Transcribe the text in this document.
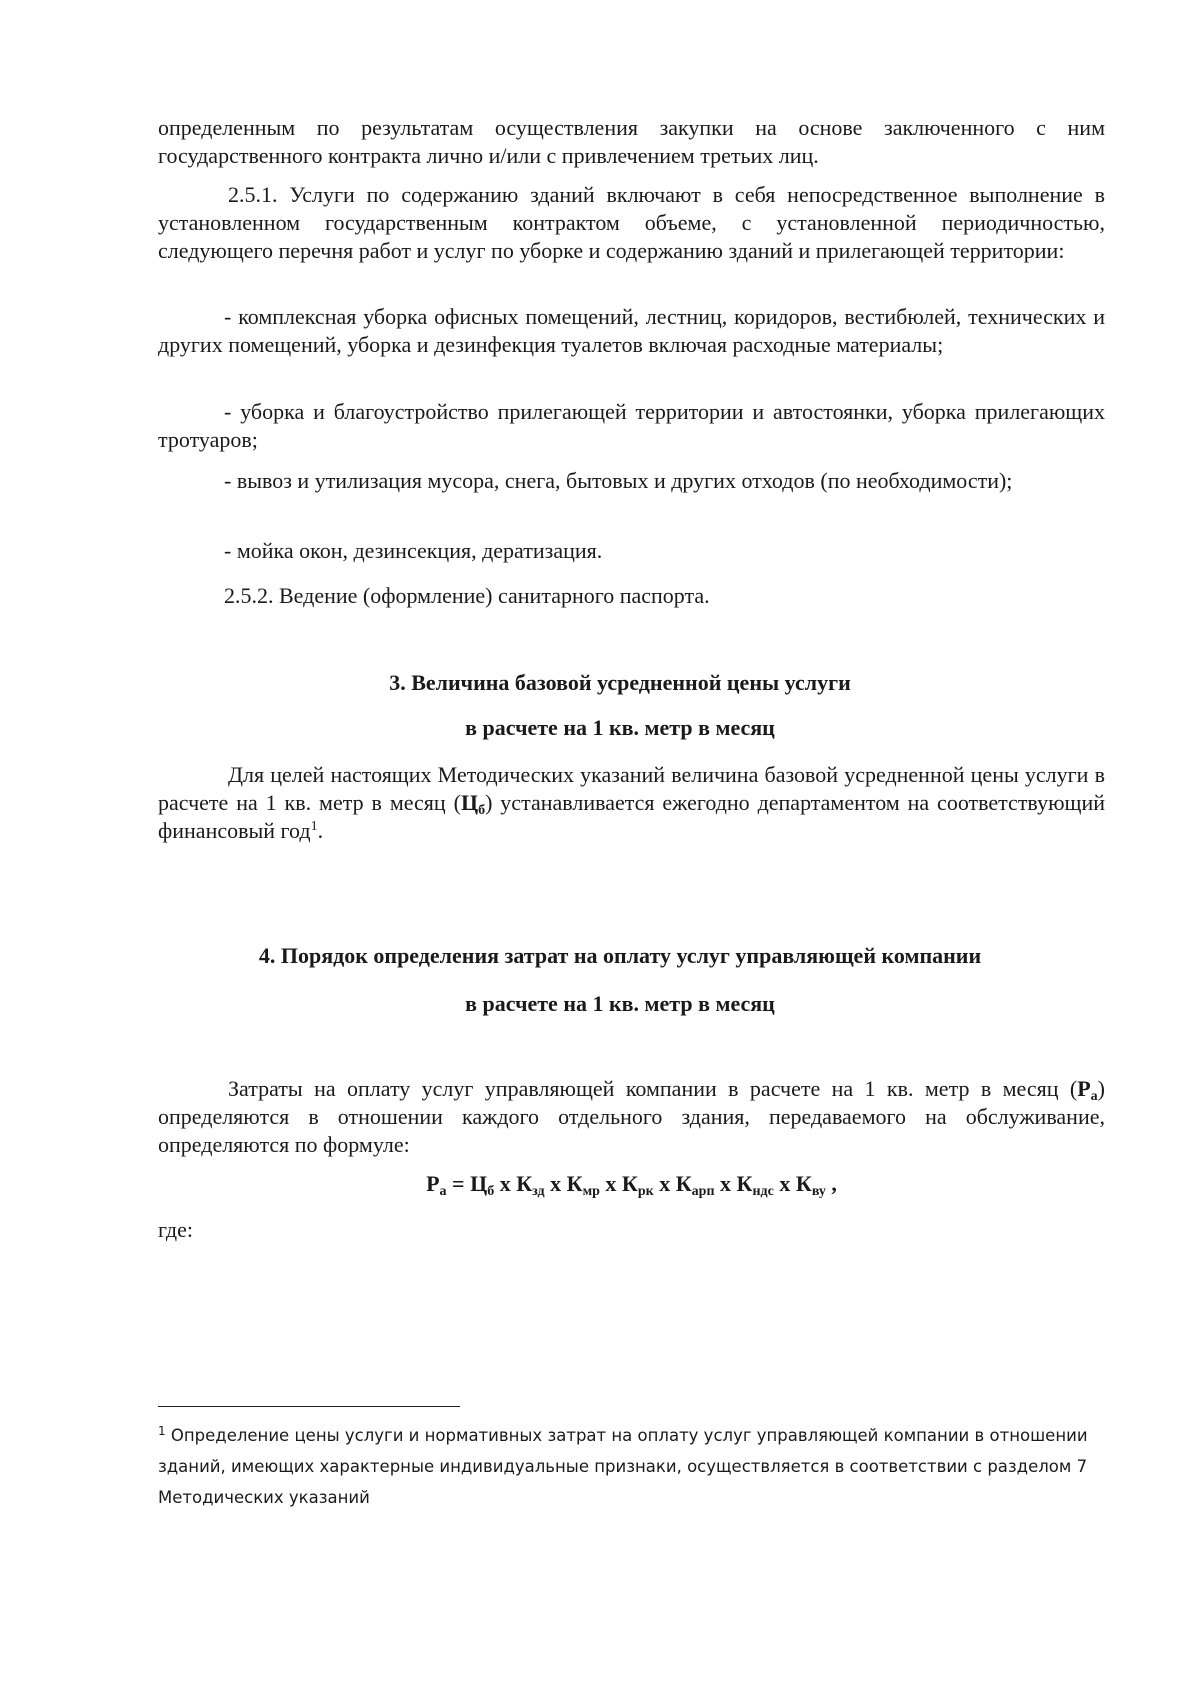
определенным по результатам осуществления закупки на основе заключенного с ним государственного контракта лично и/или с привлечением третьих лиц.
2.5.1. Услуги по содержанию зданий включают в себя непосредственное выполнение в установленном государственным контрактом объеме, с установленной периодичностью, следующего перечня работ и услуг по уборке и содержанию зданий и прилегающей территории:
- комплексная уборка офисных помещений, лестниц, коридоров, вестибюлей, технических и других помещений, уборка и дезинфекция туалетов включая расходные материалы;
- уборка и благоустройство прилегающей территории и автостоянки, уборка прилегающих тротуаров;
- вывоз и утилизация мусора, снега, бытовых и других отходов (по необходимости);
- мойка окон, дезинсекция, дератизация.
2.5.2. Ведение (оформление) санитарного паспорта.
3. Величина базовой усредненной цены услуги
в расчете на 1 кв. метр в месяц
Для целей настоящих Методических указаний величина базовой усредненной цены услуги в расчете на 1 кв. метр в месяц $(Ц_б)$ устанавливается ежегодно департаментом на соответствующий финансовый год$^1$.
4. Порядок определения затрат на оплату услуг управляющей компании
в расчете на 1 кв. метр в месяц
Затраты на оплату услуг управляющей компании в расчете на 1 кв. метр в месяц $(Р_а)$ определяются в отношении каждого отдельного здания, передаваемого на обслуживание, определяются по формуле:
$Р_а = Ц_б$ х $К_{зд}$ х $К_{мр}$ х $К_{рк}$ х $К_{арп}$ х $К_{ндс}$ х $К_{ву}$ ,
где:
$^1$ Определение цены услуги и нормативных затрат на оплату услуг управляющей компании в отношении зданий, имеющих характерные индивидуальные признаки, осуществляется в соответствии с разделом 7 Методических указаний
